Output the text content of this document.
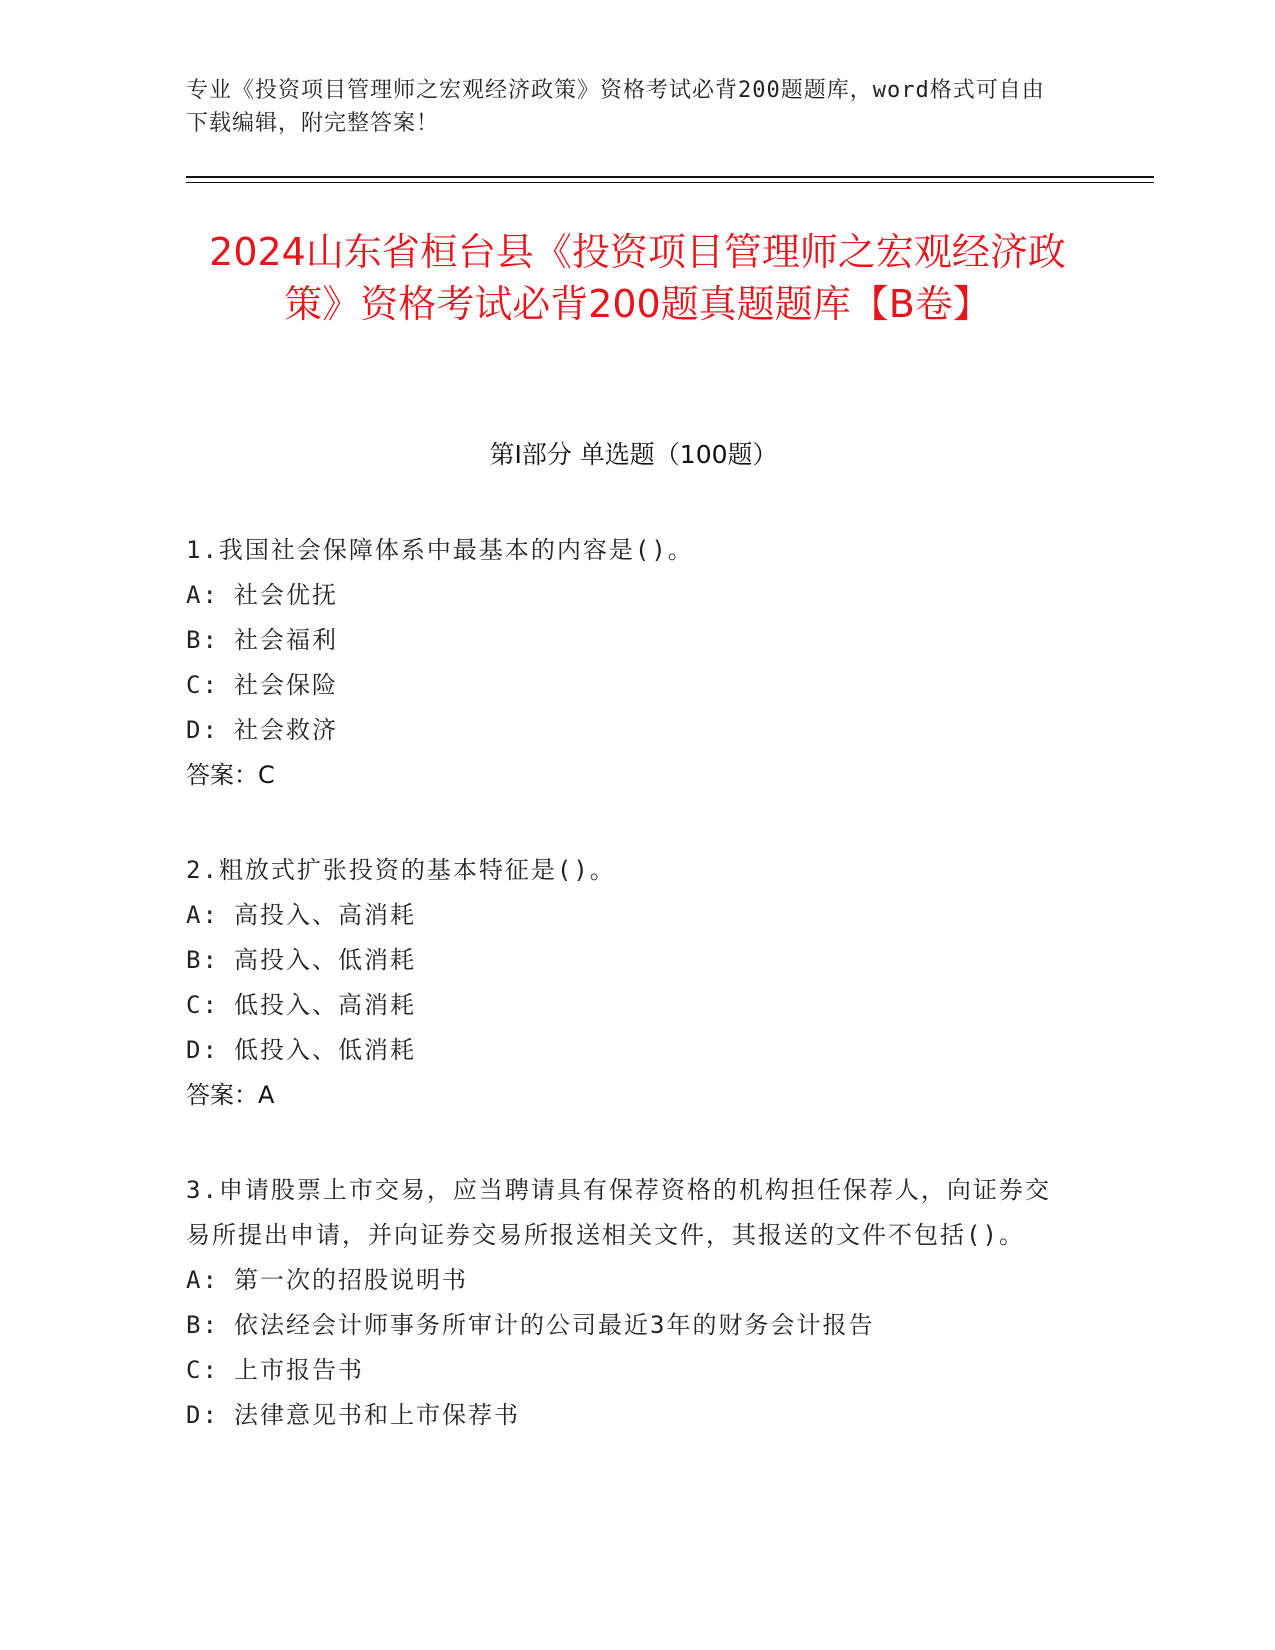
专业《投资项目管理师之宏观经济政策》资格考试必背200题题库，word格式可自由下载编辑，附完整答案！
2024山东省桓台县《投资项目管理师之宏观经济政策》资格考试必背200题真题题库【B卷】
第Ⅰ部分 单选题（100题）
1.我国社会保障体系中最基本的内容是()。
A: 社会优抚
B: 社会福利
C: 社会保险
D: 社会救济
答案：C
2.粗放式扩张投资的基本特征是()。
A: 高投入、高消耗
B: 高投入、低消耗
C: 低投入、高消耗
D: 低投入、低消耗
答案：A
3.申请股票上市交易，应当聘请具有保荐资格的机构担任保荐人，向证券交易所提出申请，并向证券交易所报送相关文件，其报送的文件不包括()。
A: 第一次的招股说明书
B: 依法经会计师事务所审计的公司最近3年的财务会计报告
C: 上市报告书
D: 法律意见书和上市保荐书
